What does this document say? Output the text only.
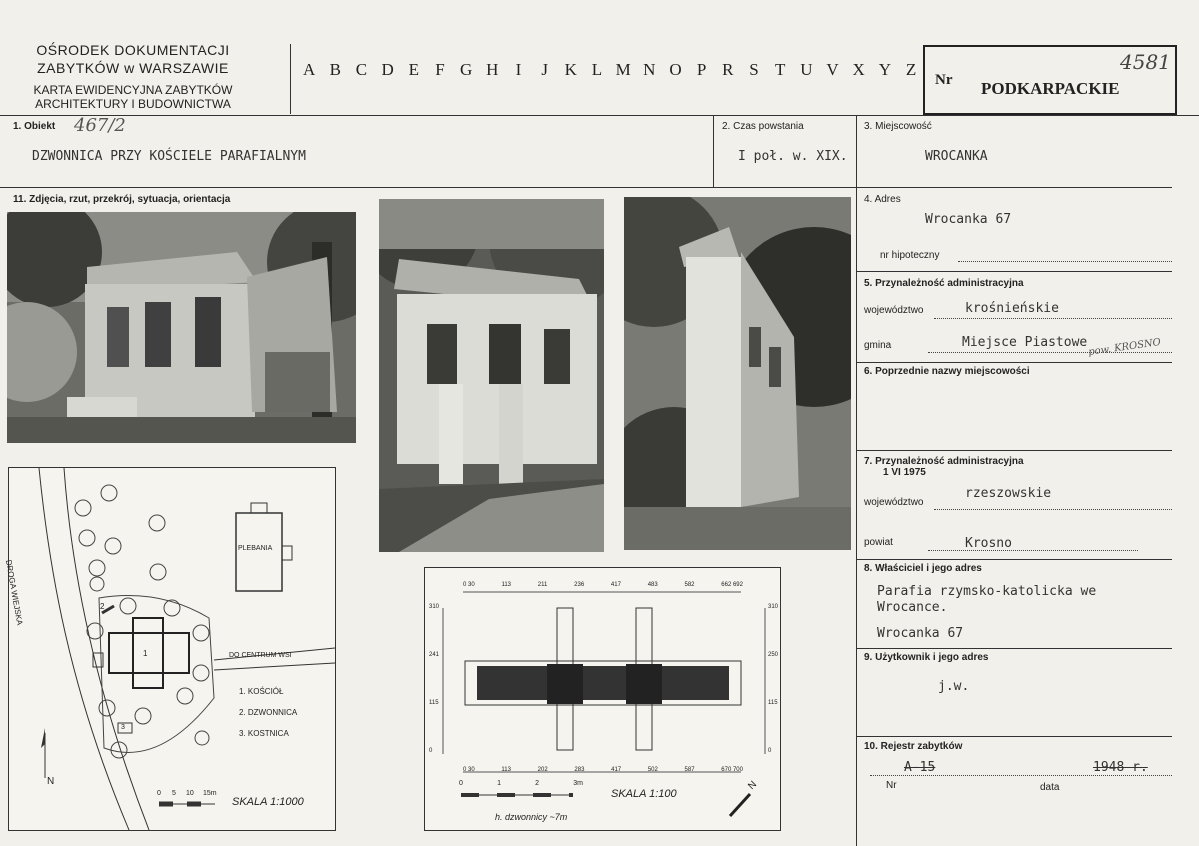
OŚRODEK DOKUMENTACJI
ZABYTKÓW w WARSZAWIE
KARTA EWIDENCYJNA ZABYTKÓW
ARCHITEKTURY I BUDOWNICTWA
A B C D E F G H	I	J K L M N O P R S T U V X Y Z
Nr PODKARPACKIE
4581
1. Obiekt 467/2
DZWONNICA PRZY KOŚCIELE PARAFIALNYM
2. Czas powstania
I poł. w. XIX.
3. Miejscowość
WROCANKA
11. Zdjęcia, rzut, przekrój, sytuacja, orientacja
DROGA WIEJSKA
PLEBANIA
DO CENTRUM WSI
1
2
3
1. KOŚCIÓŁ
2. DZWONNICA
3. KOSTNICA
0 5 10 15m
SKALA 1:1000
N
0 30	113	211	236	417	483	582	662 692
0 30	113	202	283	417	502	587	670 700
310
241
115
0
310
250
115
0
0	1	2	3m
SKALA 1:100
h. dzwonnicy ~7m
N
4. Adres
Wrocanka 67
nr hipoteczny
5. Przynależność administracyjna
województwo	krośnieńskie
gmina	Miejsce Piastowe pow. KROSNO
6. Poprzednie nazwy miejscowości
7. Przynależność administracyjna
1 VI 1975
województwo
rzeszowskie
powiat	Krosno
8. Właściciel i jego adres
Parafia rzymsko-katolicka we
Wrocance.
Wrocanka 67
9. Użytkownik i jego adres
j.w.
10. Rejestr zabytków
A-15	1948 r.
Nr	data
